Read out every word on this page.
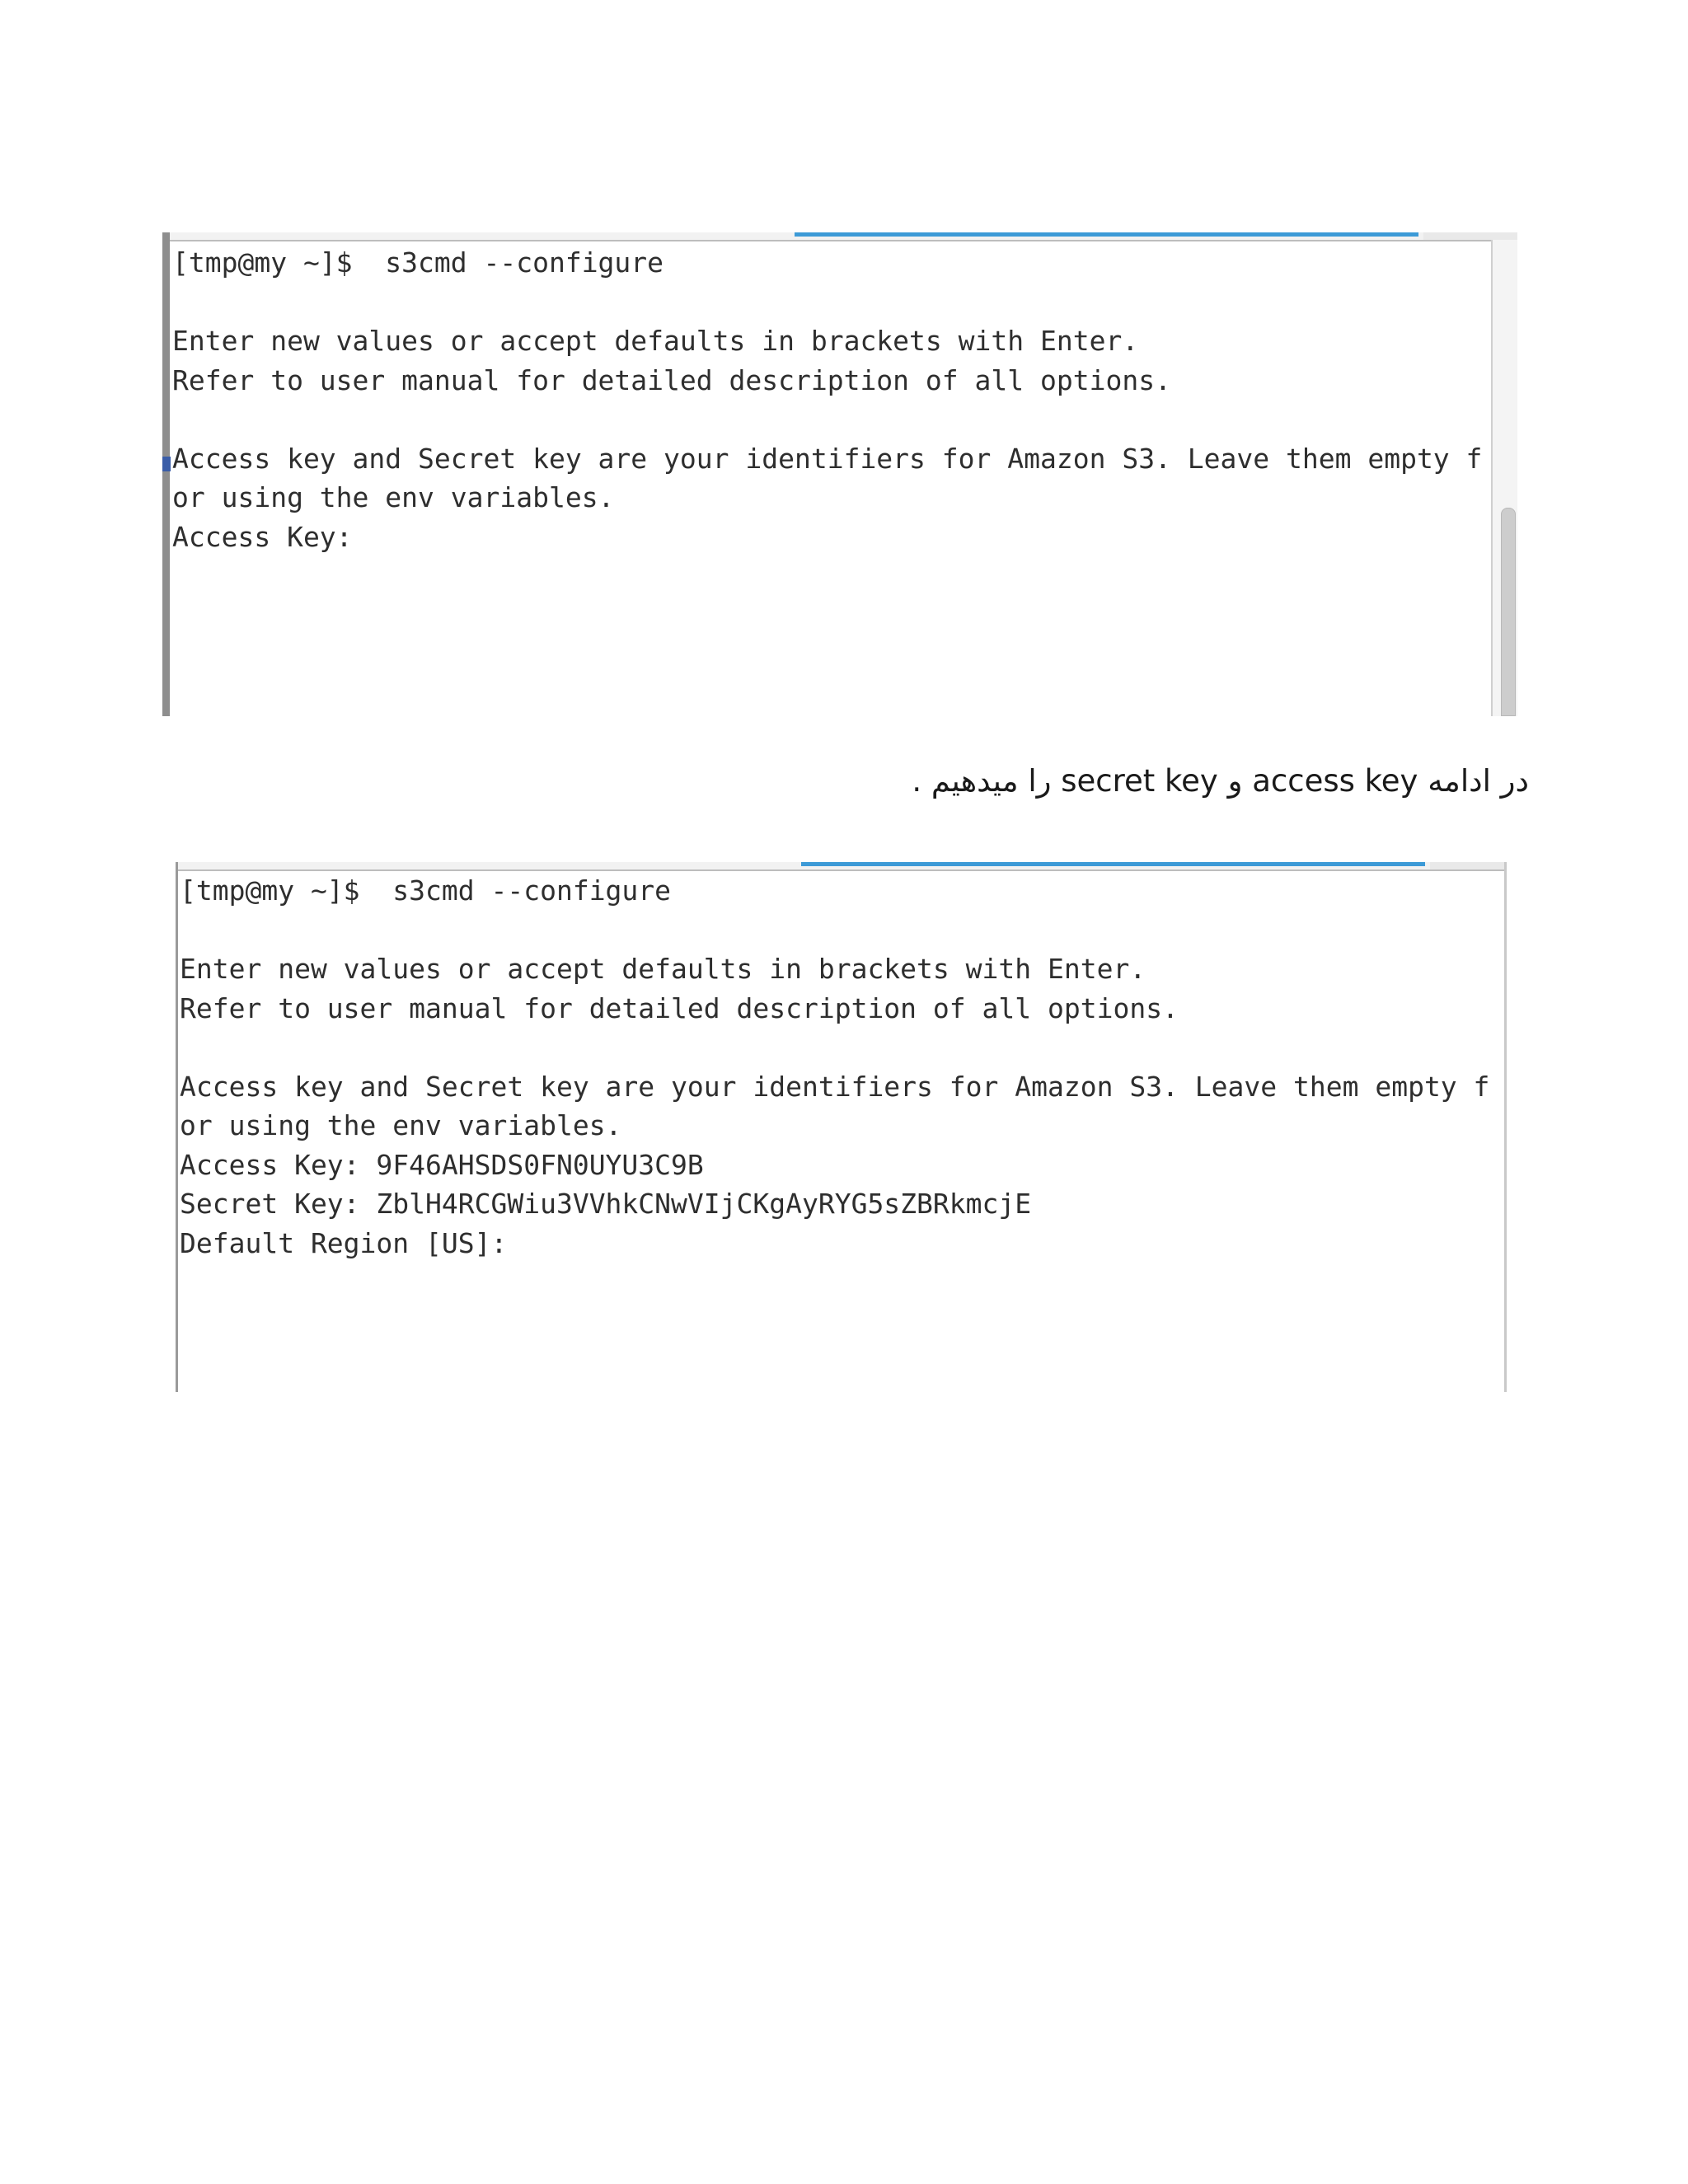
[tmp@my ~]$  s3cmd --configure

Enter new values or accept defaults in brackets with Enter.
Refer to user manual for detailed description of all options.

Access key and Secret key are your identifiers for Amazon S3. Leave them empty f
or using the env variables.
Access Key:
در ادامه access key و secret key را میدهیم .
[tmp@my ~]$  s3cmd --configure

Enter new values or accept defaults in brackets with Enter.
Refer to user manual for detailed description of all options.

Access key and Secret key are your identifiers for Amazon S3. Leave them empty f
or using the env variables.
Access Key: 9F46AHSDS0FN0UYU3C9B
Secret Key: ZblH4RCGWiu3VVhkCNwVIjCKgAyRYG5sZBRkmcjE
Default Region [US]:
